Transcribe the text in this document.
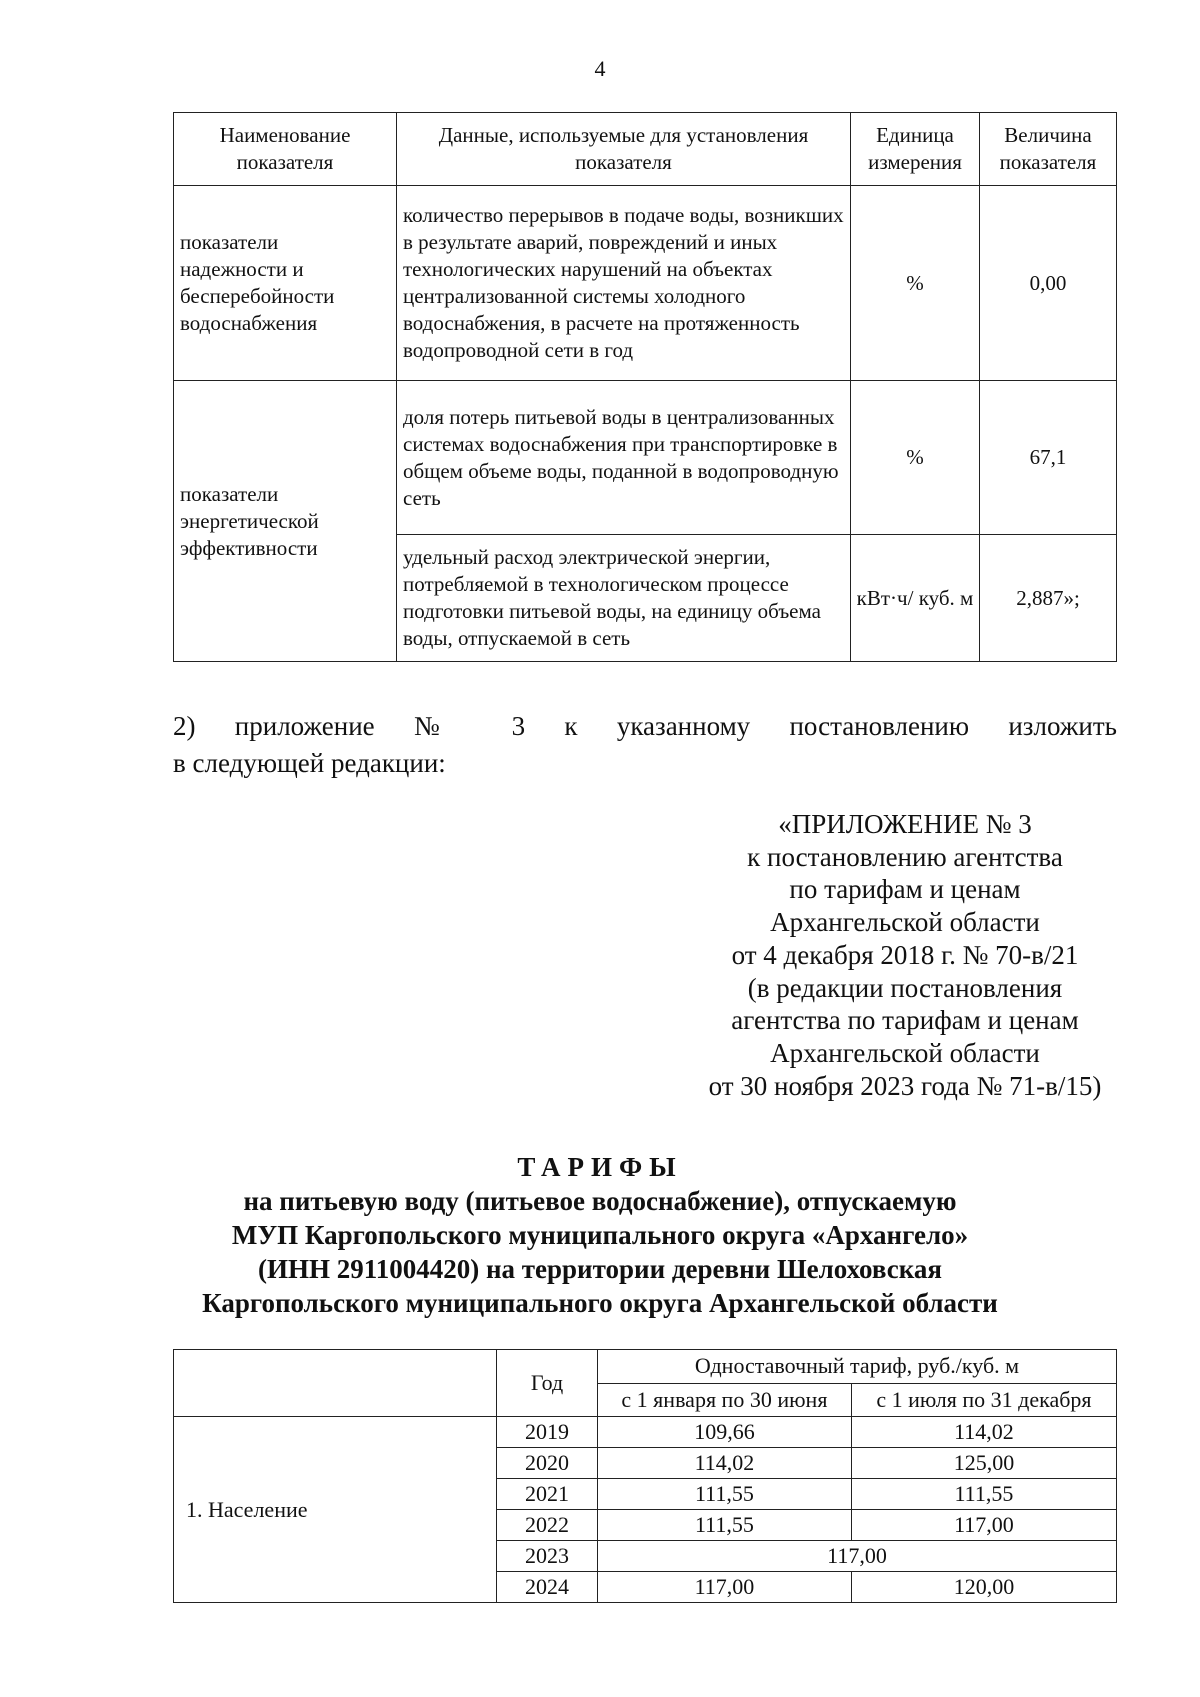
4
Наименование показателя	Данные, используемые для установления показателя	Единица измерения	Величина показателя
показатели надежности и бесперебойности водоснабжения	количество перерывов в подаче воды, возникших в результате аварий, повреждений и иных технологических нарушений на объектах централизованной системы холодного водоснабжения, в расчете на протяженность водопроводной сети в год	%	0,00
показатели энергетической эффективности	доля потерь питьевой воды в централизованных системах водоснабжения при транспортировке в общем объеме воды, поданной в водопроводную сеть	%	67,1
	удельный расход электрической энергии, потребляемой в технологическом процессе подготовки питьевой воды, на единицу объема воды, отпускаемой в сеть	кВт·ч/ куб. м	2,887»;
2) приложение № 3 к указанному постановлению изложить
в следующей редакции:
«ПРИЛОЖЕНИЕ № 3
к постановлению агентства
по тарифам и ценам
Архангельской области
от 4 декабря 2018 г. № 70-в/21
(в редакции постановления
агентства по тарифам и ценам
Архангельской области
от 30 ноября 2023 года № 71-в/15)
ТАРИФЫ
на питьевую воду (питьевое водоснабжение), отпускаемую
МУП Каргопольского муниципального округа «Архангело»
(ИНН 2911004420) на территории деревни Шелоховская
Каргопольского муниципального округа Архангельской области
	Год	Одноставочный тариф, руб./куб. м	
		с 1 января по 30 июня	с 1 июля по 31 декабря
1. Население	2019	109,66	114,02
	2020	114,02	125,00
	2021	111,55	111,55
	2022	111,55	117,00
	2023	117,00	
	2024	117,00	120,00
